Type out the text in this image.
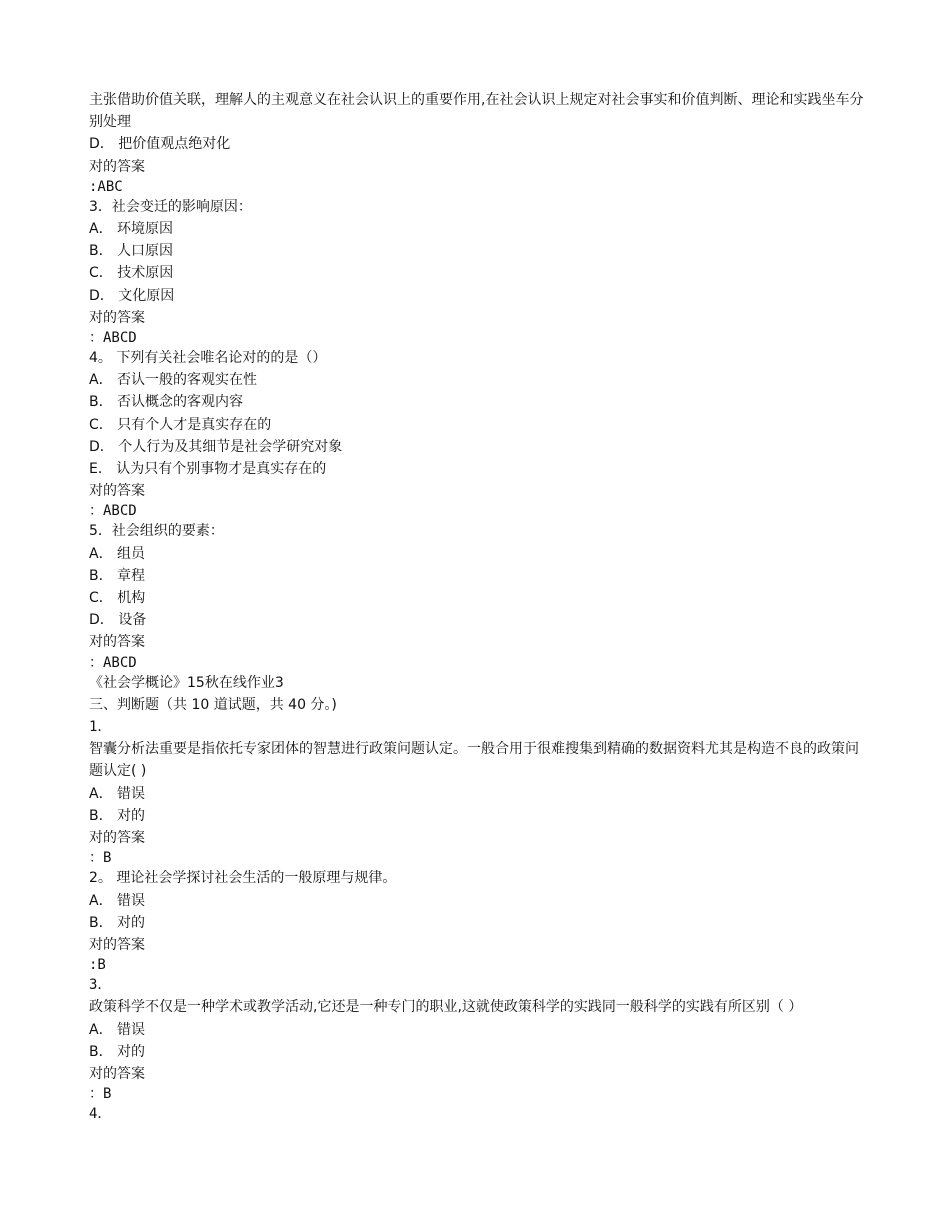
主张借助价值关联，理解人的主观意义在社会认识上的重要作用,在社会认识上规定对社会事实和价值判断、理论和实践坐车分别处理
D． 把价值观点绝对化
对的答案
:ABC
3．社会变迁的影响原因：
A． 环境原因
B． 人口原因
C． 技术原因
D． 文化原因
对的答案
：ABCD
4。 下列有关社会唯名论对的的是（）
A． 否认一般的客观实在性
B． 否认概念的客观内容
C． 只有个人才是真实存在的
D． 个人行为及其细节是社会学研究对象
E． 认为只有个别事物才是真实存在的
对的答案
：ABCD
5．社会组织的要素：
A． 组员
B． 章程
C． 机构
D． 设备
对的答案
：ABCD
《社会学概论》15秋在线作业3
三、判断题（共 10 道试题，共 40 分。)
1．
智囊分析法重要是指依托专家团体的智慧进行政策问题认定。一般合用于很难搜集到精确的数据资料尤其是构造不良的政策问题认定( )
A． 错误
B． 对的
对的答案
：B
2。 理论社会学探讨社会生活的一般原理与规律。
A． 错误
B． 对的
对的答案
:B
3．
政策科学不仅是一种学术或教学活动,它还是一种专门的职业,这就使政策科学的实践同一般科学的实践有所区别（ ）
A． 错误
B． 对的
对的答案
：B
4．
